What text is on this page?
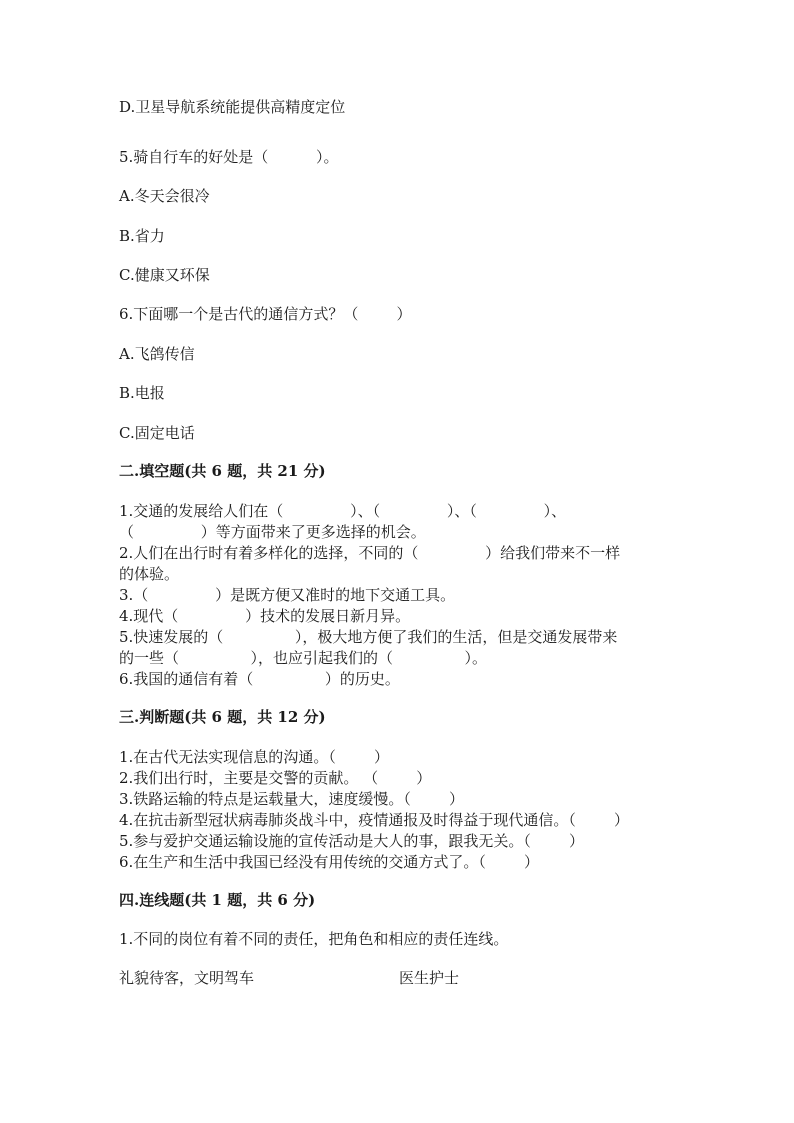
D.卫星导航系统能提供高精度定位
5.骑自行车的好处是（          ）。
A.冬天会很冷
B.省力
C.健康又环保
6.下面哪一个是古代的通信方式？（        ）
A.飞鸽传信
B.电报
C.固定电话
二.填空题(共 6 题，共 21 分)
1.交通的发展给人们在（              ）、（              ）、（              ）、
（              ）等方面带来了更多选择的机会。
2.人们在出行时有着多样化的选择，不同的（              ）给我们带来不一样
的体验。
3.（              ）是既方便又准时的地下交通工具。
4.现代（              ）技术的发展日新月异。
5.快速发展的（               ），极大地方便了我们的生活，但是交通发展带来
的一些（               ），也应引起我们的（               ）。
6.我国的通信有着（               ）的历史。
三.判断题(共 6 题，共 12 分)
1.在古代无法实现信息的沟通。（        ）
2.我们出行时，主要是交警的贡献。 （        ）
3.铁路运输的特点是运载量大，速度缓慢。（        ）
4.在抗击新型冠状病毒肺炎战斗中，疫情通报及时得益于现代通信。（        ）
5.参与爱护交通运输设施的宣传活动是大人的事，跟我无关。（        ）
6.在生产和生活中我国已经没有用传统的交通方式了。（        ）
四.连线题(共 1 题，共 6 分)
1.不同的岗位有着不同的责任，把角色和相应的责任连线。
礼貌待客，文明驾车	医生护士
